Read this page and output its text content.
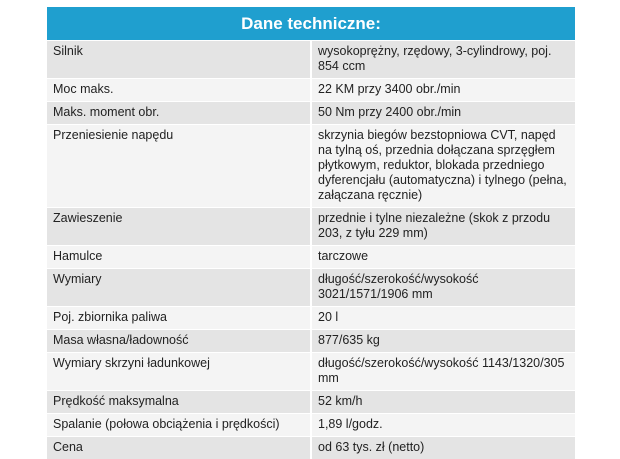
Dane techniczne:	
Silnik	wysokoprężny, rzędowy, 3-cylindrowy, poj. 854 ccm
Moc maks.	22 KM przy 3400 obr./min
Maks. moment obr.	50 Nm przy 2400 obr./min
Przeniesienie napędu	skrzynia biegów bezstopniowa CVT, napęd na tylną oś, przednia dołączana sprzęgłem płytkowym, reduktor, blokada przedniego dyferencjału (automatyczna) i tylnego (pełna, załączana ręcznie)
Zawieszenie	przednie i tylne niezależne (skok z przodu 203, z tyłu 229 mm)
Hamulce	tarczowe
Wymiary	długość/szerokość/wysokość 3021/1571/1906 mm
Poj. zbiornika paliwa	20 l
Masa własna/ładowność	877/635 kg
Wymiary skrzyni ładunkowej	długość/szerokość/wysokość 1143/1320/305 mm
Prędkość maksymalna	52 km/h
Spalanie (połowa obciążenia i prędkości)	1,89 l/godz.
Cena	od 63 tys. zł (netto)
